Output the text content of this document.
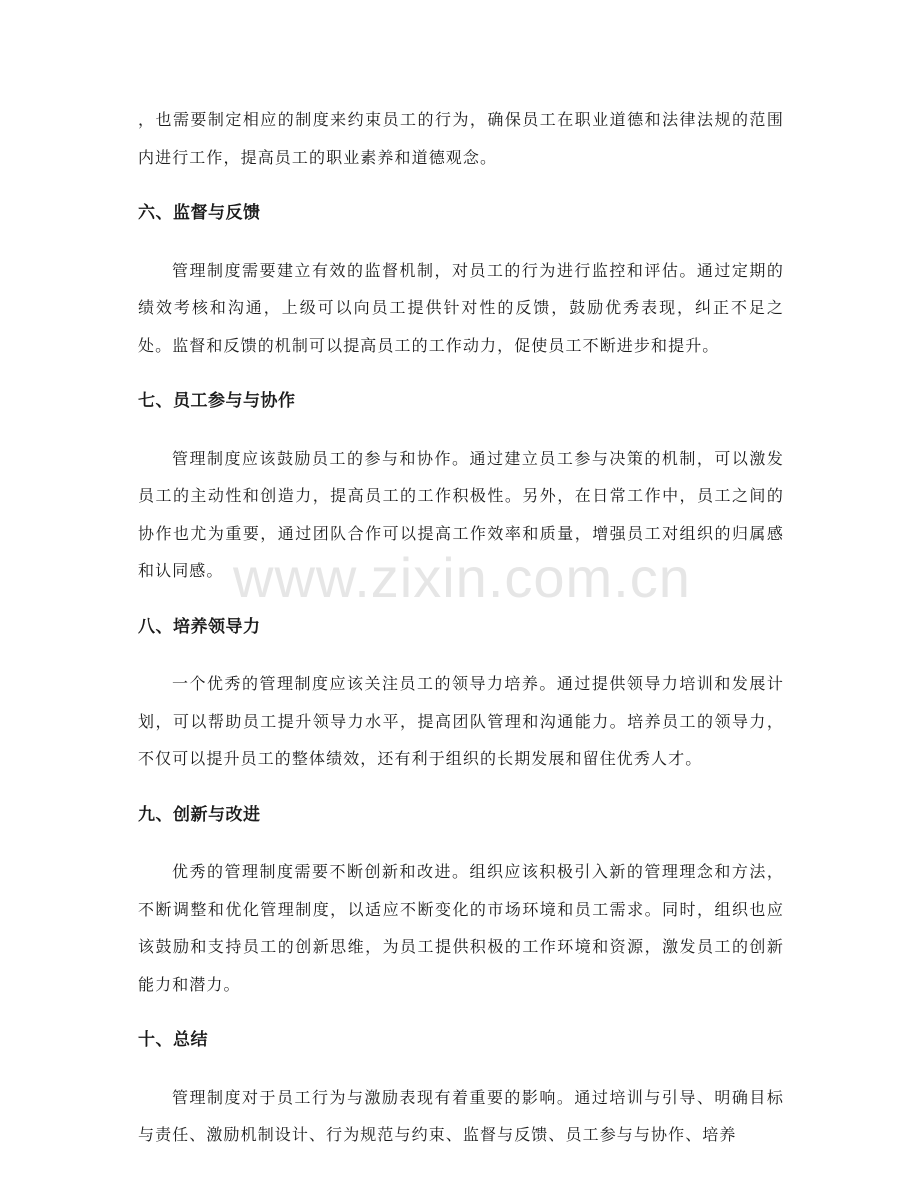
www.zixin.com.cn

，也需要制定相应的制度来约束员工的行为，确保员工在职业道德和法律法规的范围内进行工作，提高员工的职业素养和道德观念。

六、监督与反馈

管理制度需要建立有效的监督机制，对员工的行为进行监控和评估。通过定期的绩效考核和沟通，上级可以向员工提供针对性的反馈，鼓励优秀表现，纠正不足之处。监督和反馈的机制可以提高员工的工作动力，促使员工不断进步和提升。

七、员工参与与协作

管理制度应该鼓励员工的参与和协作。通过建立员工参与决策的机制，可以激发员工的主动性和创造力，提高员工的工作积极性。另外，在日常工作中，员工之间的协作也尤为重要，通过团队合作可以提高工作效率和质量，增强员工对组织的归属感和认同感。

八、培养领导力

一个优秀的管理制度应该关注员工的领导力培养。通过提供领导力培训和发展计划，可以帮助员工提升领导力水平，提高团队管理和沟通能力。培养员工的领导力，不仅可以提升员工的整体绩效，还有利于组织的长期发展和留住优秀人才。

九、创新与改进

优秀的管理制度需要不断创新和改进。组织应该积极引入新的管理理念和方法，不断调整和优化管理制度，以适应不断变化的市场环境和员工需求。同时，组织也应该鼓励和支持员工的创新思维，为员工提供积极的工作环境和资源，激发员工的创新能力和潜力。

十、总结

管理制度对于员工行为与激励表现有着重要的影响。通过培训与引导、明确目标与责任、激励机制设计、行为规范与约束、监督与反馈、员工参与与协作、培养
